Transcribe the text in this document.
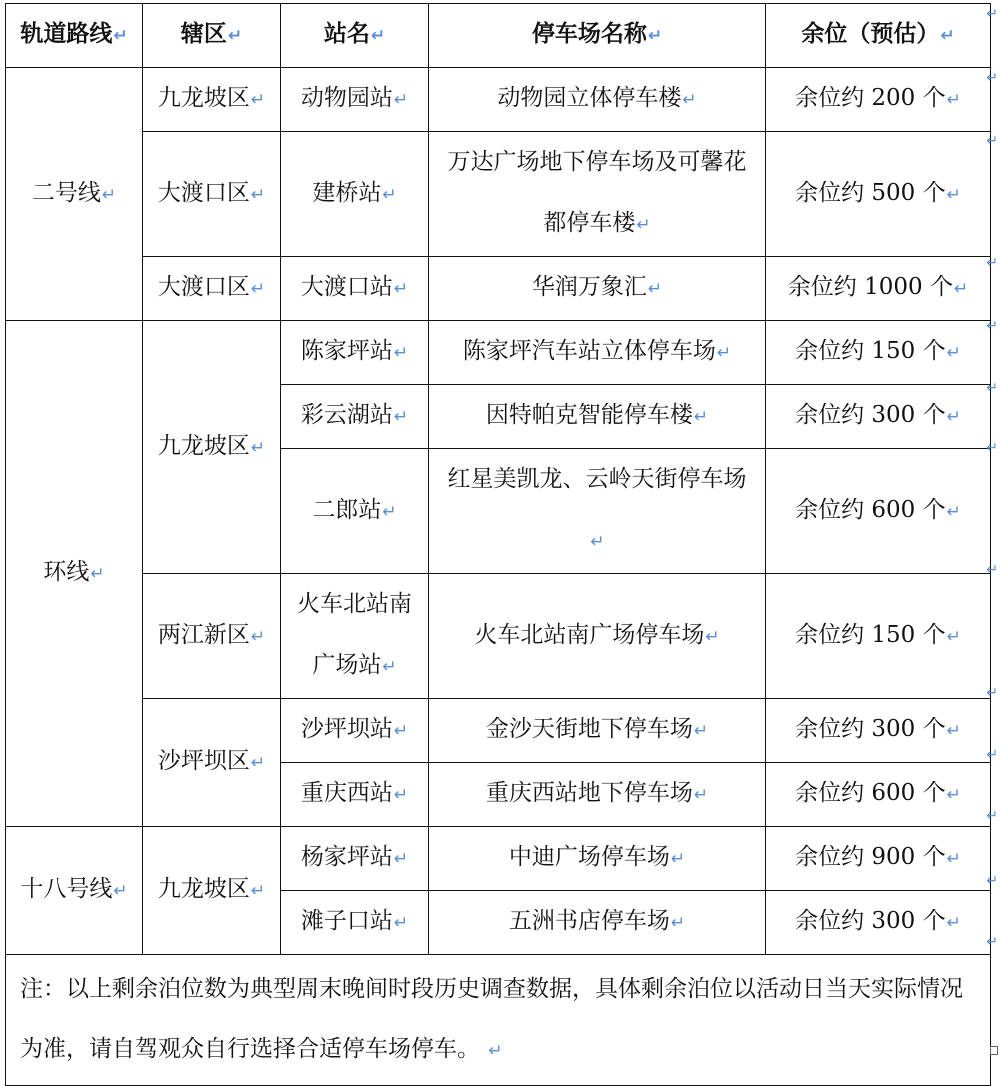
轨道路线↵	辖区↵	站名↵	停车场名称↵	余位（预估）↵
二号线↵	九龙坡区↵	动物园站↵	动物园立体停车楼↵	余位约 200 个↵
	大渡口区↵	建桥站↵	万达广场地下停车场及可馨花都停车楼↵	余位约 500 个↵
	大渡口区↵	大渡口站↵	华润万象汇↵	余位约 1000 个↵
环线↵	九龙坡区↵	陈家坪站↵	陈家坪汽车站立体停车场↵	余位约 150 个↵
		彩云湖站↵	因特帕克智能停车楼↵	余位约 300 个↵
		二郎站↵	红星美凯龙、云岭天街停车场↵	余位约 600 个↵
	两江新区↵	火车北站南广场站↵	火车北站南广场停车场↵	余位约 150 个↵
	沙坪坝区↵	沙坪坝站↵	金沙天街地下停车场↵	余位约 300 个↵
		重庆西站↵	重庆西站地下停车场↵	余位约 600 个↵
十八号线↵	九龙坡区↵	杨家坪站↵	中迪广场停车场↵	余位约 900 个↵
		滩子口站↵	五洲书店停车场↵	余位约 300 个↵
注：以上剩余泊位数为典型周末晚间时段历史调查数据，具体剩余泊位以活动日当天实际情况为准，请自驾观众自行选择合适停车场停车。 ↵				
↵
↵
↵
↵
↵
↵
↵
↵
↵
↵
↵
↵
↵
